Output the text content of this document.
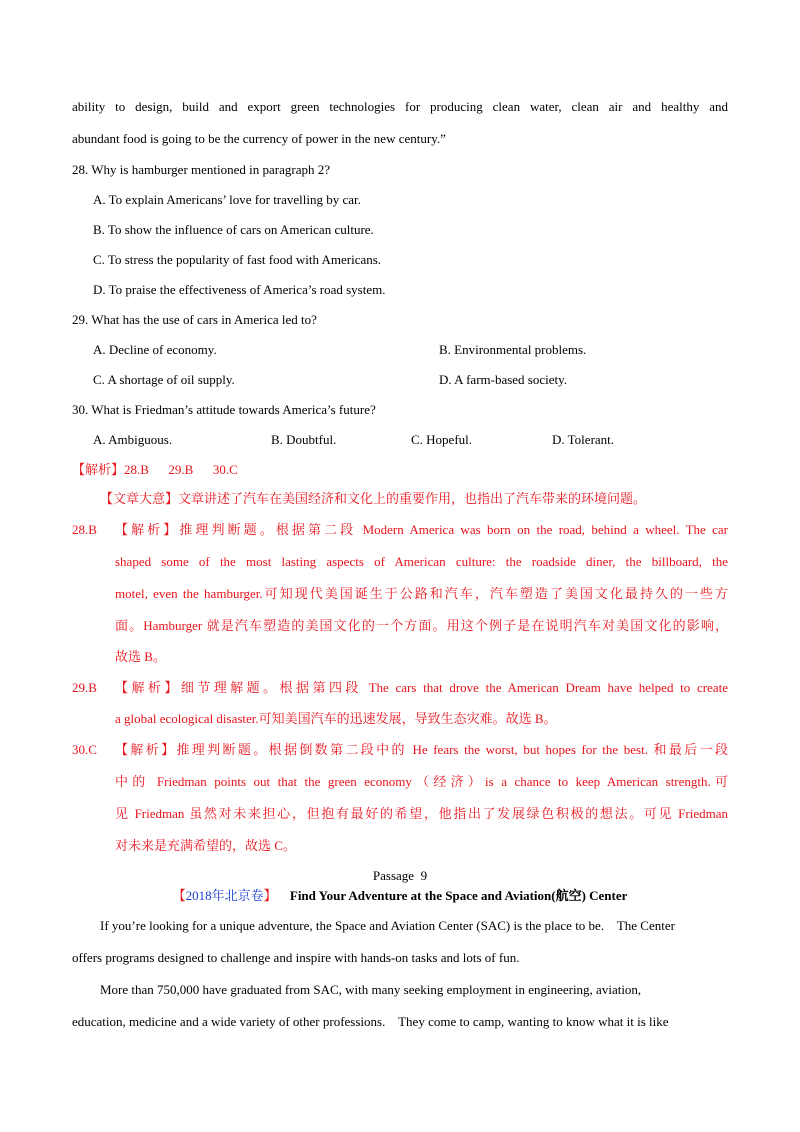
ability to design, build and export green technologies for producing clean water, clean air and healthy and
abundant food is going to be the currency of power in the new century.”
28. Why is hamburger mentioned in paragraph 2?
A. To explain Americans’ love for travelling by car.
B. To show the influence of cars on American culture.
C. To stress the popularity of fast food with Americans.
D. To praise the effectiveness of America’s road system.
29. What has the use of cars in America led to?
A. Decline of economy.	B. Environmental problems.
C. A shortage of oil supply.	D. A farm-based society.
30. What is Friedman’s attitude towards America’s future?
A. Ambiguous.	B. Doubtful.	C. Hopeful.	D. Tolerant.
【解析】28.B      29.B      30.C
【文章大意】文章讲述了汽车在美国经济和文化上的重要作用，也指出了汽车带来的环境问题。
28.B	【解析】推理判断题。根据第二段 Modern America was born on the road, behind a wheel. The car
shaped some of the most lasting aspects of American culture: the roadside diner, the billboard, the
motel, even the hamburger.可知现代美国诞生于公路和汽车，汽车塑造了美国文化最持久的一些方
面。Hamburger 就是汽车塑造的美国文化的一个方面。用这个例子是在说明汽车对美国文化的影响，
故选 B。
29.B	【解析】细节理解题。根据第四段 The cars that drove the American Dream have helped to create
a global ecological disaster.可知美国汽车的迅速发展，导致生态灾难。故选 B。
30.C	【解析】推理判断题。根据倒数第二段中的 He fears the worst, but hopes for the best. 和最后一段
中的 Friedman points out that the green economy（经济）is a chance to keep American strength.可
见 Friedman 虽然对未来担心，但抱有最好的希望，他指出了发展绿色积极的想法。可见 Friedman
对未来是充满希望的，故选 C。
Passage  9
【2018年北京卷】 Find Your Adventure at the Space and Aviation(航空) Center
If you’re looking for a unique adventure, the Space and Aviation Center (SAC) is the place to be.    The Center
offers programs designed to challenge and inspire with hands-on tasks and lots of fun.
More than 750,000 have graduated from SAC, with many seeking employment in engineering, aviation,
education, medicine and a wide variety of other professions.    They come to camp, wanting to know what it is like
